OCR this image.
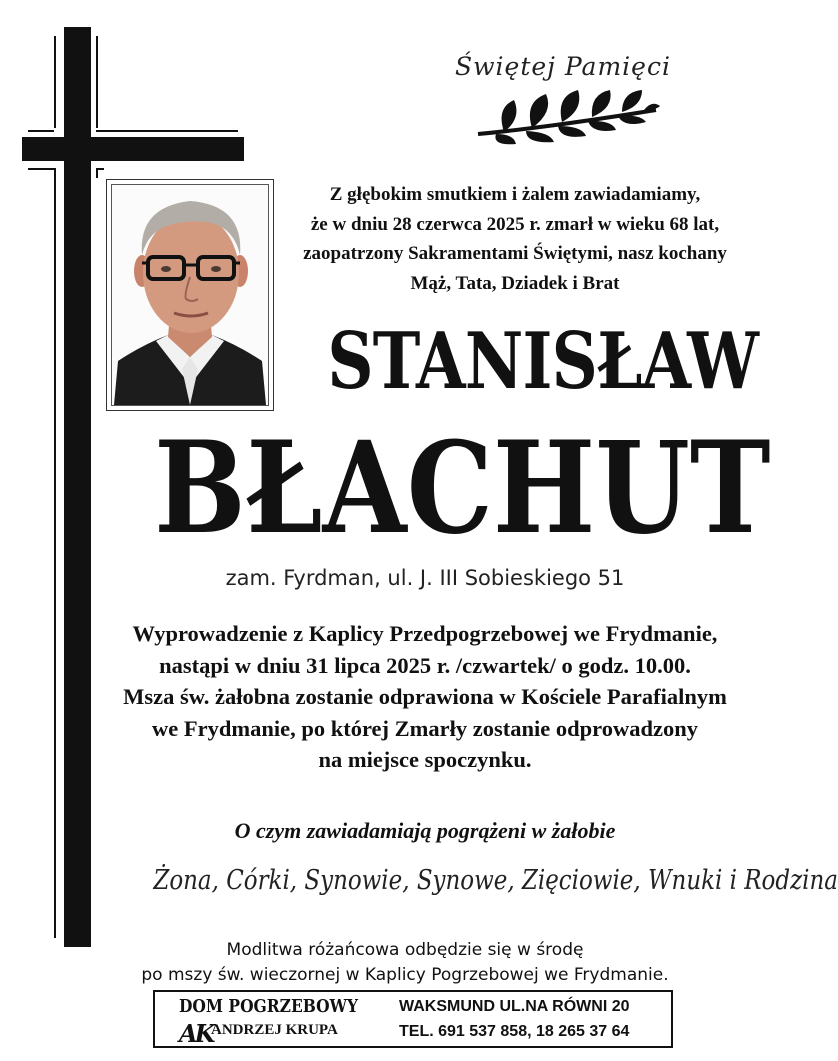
Świętej Pamięci
Z głębokim smutkiem i żalem zawiadamiamy,
że w dniu 28 czerwca 2025 r. zmarł w wieku 68 lat,
zaopatrzony Sakramentami Świętymi, nasz kochany
Mąż, Tata, Dziadek i Brat
STANISŁAW
BŁACHUT
zam. Fyrdman, ul. J. III Sobieskiego 51
Wyprowadzenie z Kaplicy Przedpogrzebowej we Frydmanie,
nastąpi w dniu 31 lipca 2025 r. /czwartek/ o godz. 10.00.
Msza św. żałobna zostanie odprawiona w Kościele Parafialnym
we Frydmanie, po której Zmarły zostanie odprowadzony
na miejsce spoczynku.
O czym zawiadamiają pogrążeni w żałobie
Żona, Córki, Synowie, Synowe, Zięciowie, Wnuki i Rodzina
Modlitwa różańcowa odbędzie się w środę
po mszy św. wieczornej w Kaplicy Pogrzebowej we Frydmanie.
DOM POGRZEBOWY
AK
ANDRZEJ KRUPA
WAKSMUND UL.NA RÓWNI 20
TEL. 691 537 858, 18 265 37 64
